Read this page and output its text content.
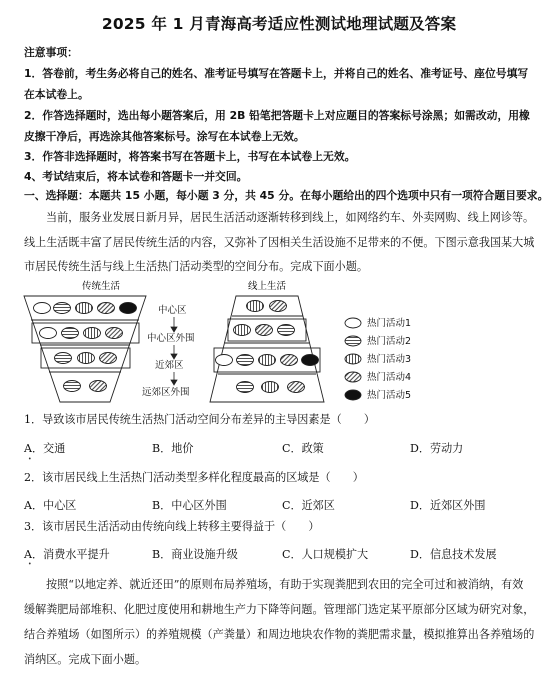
2025 年 1 月青海高考适应性测试地理试题及答案
注意事项：
1．答卷前，考生务必将自己的姓名、准考证号填写在答题卡上，并将自己的姓名、准考证号、座位号填写
在本试卷上。
2．作答选择题时，选出每小题答案后，用 2B 铅笔把答题卡上对应题目的答案标号涂黑；如需改动，用橡
皮擦干净后，再选涂其他答案标号。涂写在本试卷上无效。
3．作答非选择题时，将答案书写在答题卡上，书写在本试卷上无效。
4、考试结束后，将本试卷和答题卡一并交回。
一、选择题：本题共 15 小题，每小题 3 分，共 45 分。在每小题给出的四个选项中只有一项符合题目要求。
当前，服务业发展日新月异，居民生活活动逐渐转移到线上，如网络约车、外卖网购、线上网诊等。
线上生活既丰富了居民传统生活的内容，又弥补了因相关生活设施不足带来的不便。下图示意我国某大城
市居民传统生活与线上生活热门活动类型的空间分布。完成下面小题。
传统生活	线上生活
中心区
中心区外围
近郊区
远郊区外围
热门活动1
热门活动2
热门活动3
热门活动4
热门活动5
1．导致该市居民传统生活热门活动空间分布差异的主导因素是（　　）
A．交通	B．地价	C．政策	D．劳动力
•
2．该市居民线上生活热门活动类型多样化程度最高的区域是（　　）
A．中心区	B．中心区外围	C．近郊区	D．近郊区外围
3．该市居民生活活动由传统向线上转移主要得益于（　　）
A．消费水平提升	B．商业设施升级	C．人口规模扩大	D．信息技术发展
•
按照“以地定养、就近还田”的原则布局养殖场，有助于实现粪肥到农田的完全可过和被消纳，有效
缓解粪肥局部堆积、化肥过度使用和耕地生产力下降等问题。管理部门选定某平原部分区域为研究对象，
结合养殖场（如图所示）的养殖规模（产粪量）和周边地块农作物的粪肥需求量，模拟推算出各养殖场的
消纳区。完成下面小题。
